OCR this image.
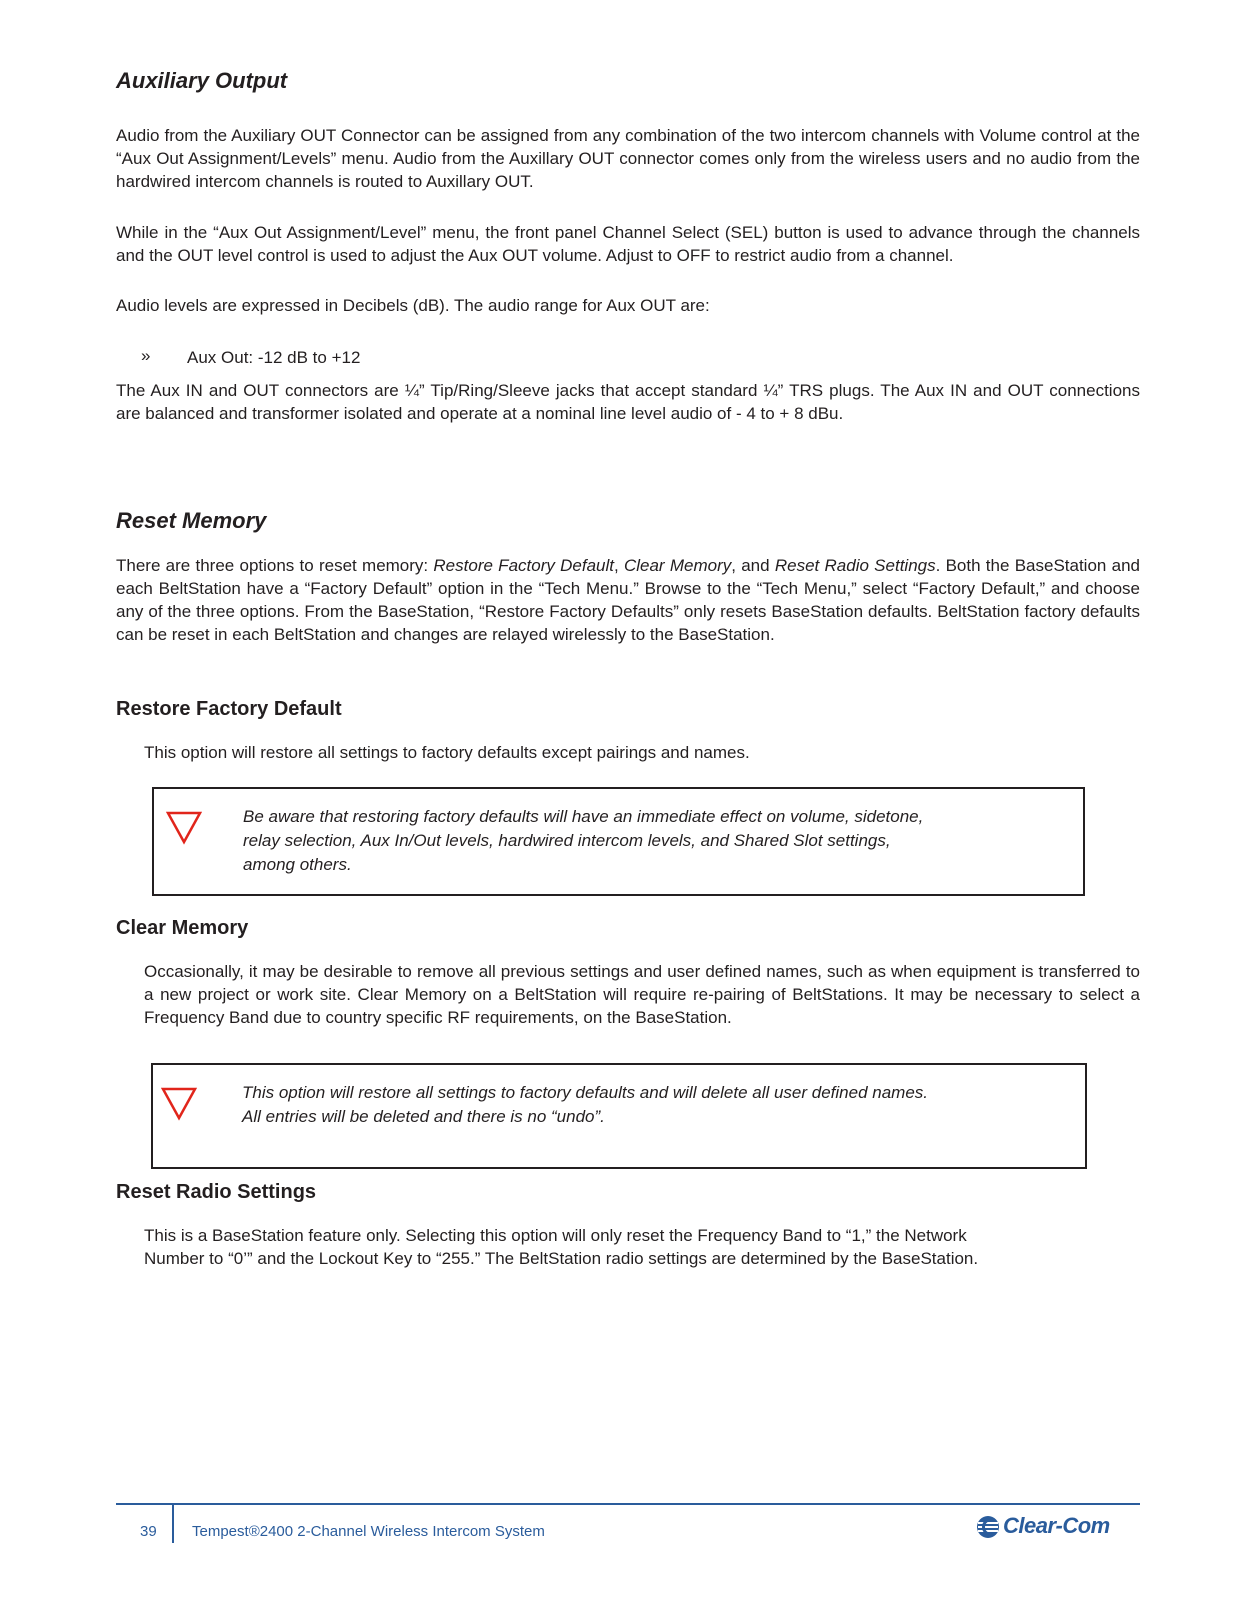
Auxiliary Output
Audio from the Auxiliary OUT Connector can be assigned from any combination of the two intercom channels with Volume control at the “Aux Out Assignment/Levels” menu. Audio from the Auxillary OUT connector comes only from the wireless users and no audio from the hardwired intercom channels is routed to Auxillary OUT.
While in the “Aux Out Assignment/Level” menu, the front panel Channel Select (SEL) button is used to advance through the channels and the OUT level control is used to adjust the Aux OUT volume. Adjust to OFF to restrict audio from a channel.
Audio levels are expressed in Decibels (dB). The audio range for Aux OUT are:
» Aux Out: -12 dB to +12
The Aux IN and OUT connectors are ¼” Tip/Ring/Sleeve jacks that accept standard ¼” TRS plugs. The Aux IN and OUT connections are balanced and transformer isolated and operate at a nominal line level audio of - 4 to + 8 dBu.
Reset Memory
There are three options to reset memory: Restore Factory Default, Clear Memory, and Reset Radio Settings. Both the BaseStation and each BeltStation have a “Factory Default” option in the “Tech Menu.” Browse to the “Tech Menu,” select “Factory Default,” and choose any of the three options. From the BaseStation, “Restore Factory Defaults” only resets BaseStation defaults. BeltStation factory defaults can be reset in each BeltStation and changes are relayed wirelessly to the BaseStation.
Restore Factory Default
This option will restore all settings to factory defaults except pairings and names.
Be aware that restoring factory defaults will have an immediate effect on volume, sidetone,
relay selection, Aux In/Out levels, hardwired intercom levels, and Shared Slot settings,
among others.
Clear Memory
Occasionally, it may be desirable to remove all previous settings and user defined names, such as when equipment is transferred to a new project or work site. Clear Memory on a BeltStation will require re-pairing of BeltStations. It may be necessary to select a Frequency Band due to country specific RF requirements, on the BaseStation.
This option will restore all settings to factory defaults and will delete all user defined names.
All entries will be deleted and there is no “undo”.
Reset Radio Settings
This is a BaseStation feature only. Selecting this option will only reset the Frequency Band to “1,” the Network
Number to “0’” and the Lockout Key to “255.” The BeltStation radio settings are determined by the BaseStation.
39 Tempest®2400 2-Channel Wireless Intercom System	Clear-Com
